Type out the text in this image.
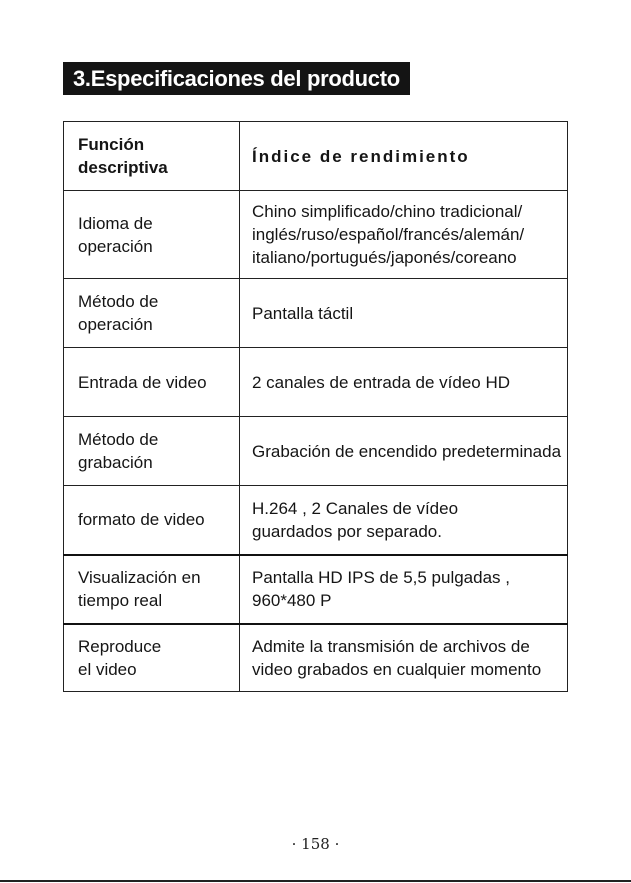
3.Especificaciones del producto
Función
descriptiva	Índice de rendimiento
Idioma de
operación	Chino simplificado/chino tradicional/
inglés/ruso/español/francés/alemán/
italiano/portugués/japonés/coreano
Método de
operación	Pantalla táctil
Entrada de video	2 canales de entrada de vídeo HD
Método de
grabación	Grabación de encendido predeterminada
formato de video	H.264 , 2 Canales de vídeo
guardados por separado.
Visualización en
tiempo real	Pantalla HD IPS de 5,5 pulgadas ,
960*480 P
Reproduce
el video	Admite la transmisión de archivos de
video grabados en cualquier momento
· 158 ·
